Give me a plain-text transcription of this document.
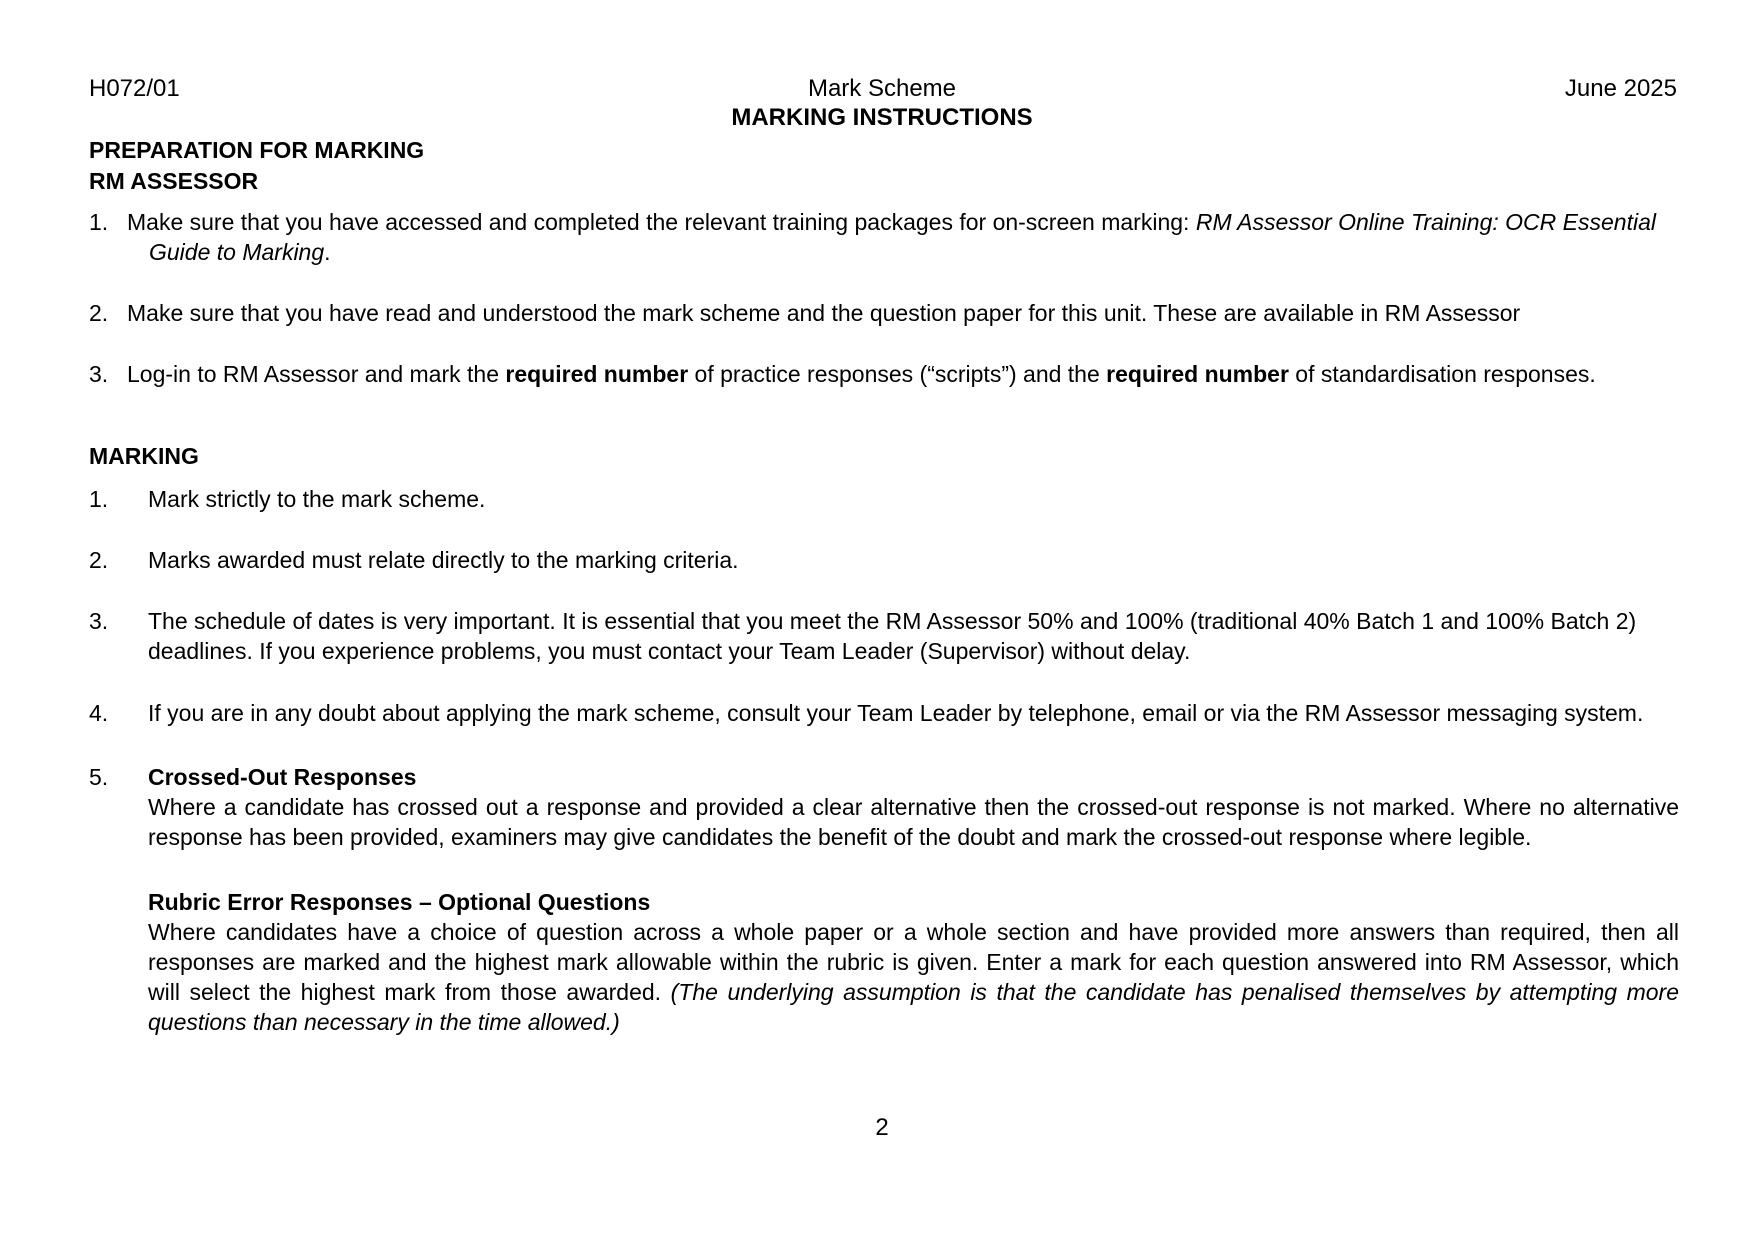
H072/01	Mark Scheme	June 2025
MARKING INSTRUCTIONS
PREPARATION FOR MARKING
RM ASSESSOR
1. Make sure that you have accessed and completed the relevant training packages for on-screen marking: RM Assessor Online Training: OCR Essential
Guide to Marking.
2. Make sure that you have read and understood the mark scheme and the question paper for this unit. These are available in RM Assessor
3. Log-in to RM Assessor and mark the required number of practice responses (“scripts”) and the required number of standardisation responses.
MARKING
1. Mark strictly to the mark scheme.
2. Marks awarded must relate directly to the marking criteria.
3. The schedule of dates is very important. It is essential that you meet the RM Assessor 50% and 100% (traditional 40% Batch 1 and 100% Batch 2)
deadlines. If you experience problems, you must contact your Team Leader (Supervisor) without delay.
4. If you are in any doubt about applying the mark scheme, consult your Team Leader by telephone, email or via the RM Assessor messaging system.
5. Crossed-Out Responses
Where a candidate has crossed out a response and provided a clear alternative then the crossed-out response is not marked. Where no alternative response has been provided, examiners may give candidates the benefit of the doubt and mark the crossed-out response where legible.
Rubric Error Responses – Optional Questions
Where candidates have a choice of question across a whole paper or a whole section and have provided more answers than required, then all responses are marked and the highest mark allowable within the rubric is given. Enter a mark for each question answered into RM Assessor, which will select the highest mark from those awarded. (The underlying assumption is that the candidate has penalised themselves by attempting more questions than necessary in the time allowed.)
2
